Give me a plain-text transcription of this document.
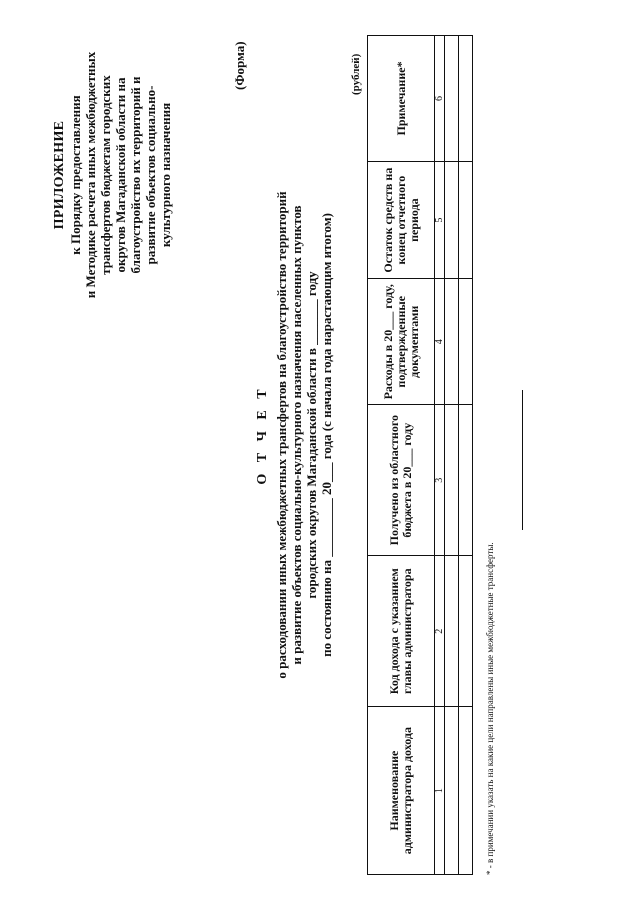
ПРИЛОЖЕНИЕ к Порядку предоставления и Методике расчета иных межбюджетных трансфертов бюджетам городских округов Магаданской области на благоустройство их территорий и развитие объектов социально- культурного назначения
(Форма)
О Т Ч Е Т о расходовании иных межбюджетных трансфертов на благоустройство территорий и развитие объектов социально-культурного назначения населенных пунктов городских округов Магаданской области в _______ году по состоянию на _________ 20___ года (с начала года нарастающим итогом)
(рублей)
Наименование администратора дохода	Код дохода с указанием главы администратора	Получено из областного бюджета в 20___ году	Расходы в 20___ году, подтвержденные документами	Остаток средств на конец отчетного периода	Примечание*
1	2	3	4	5	6

* - в примечании указать на какие цели направлены иные межбюджетные трансферты.
